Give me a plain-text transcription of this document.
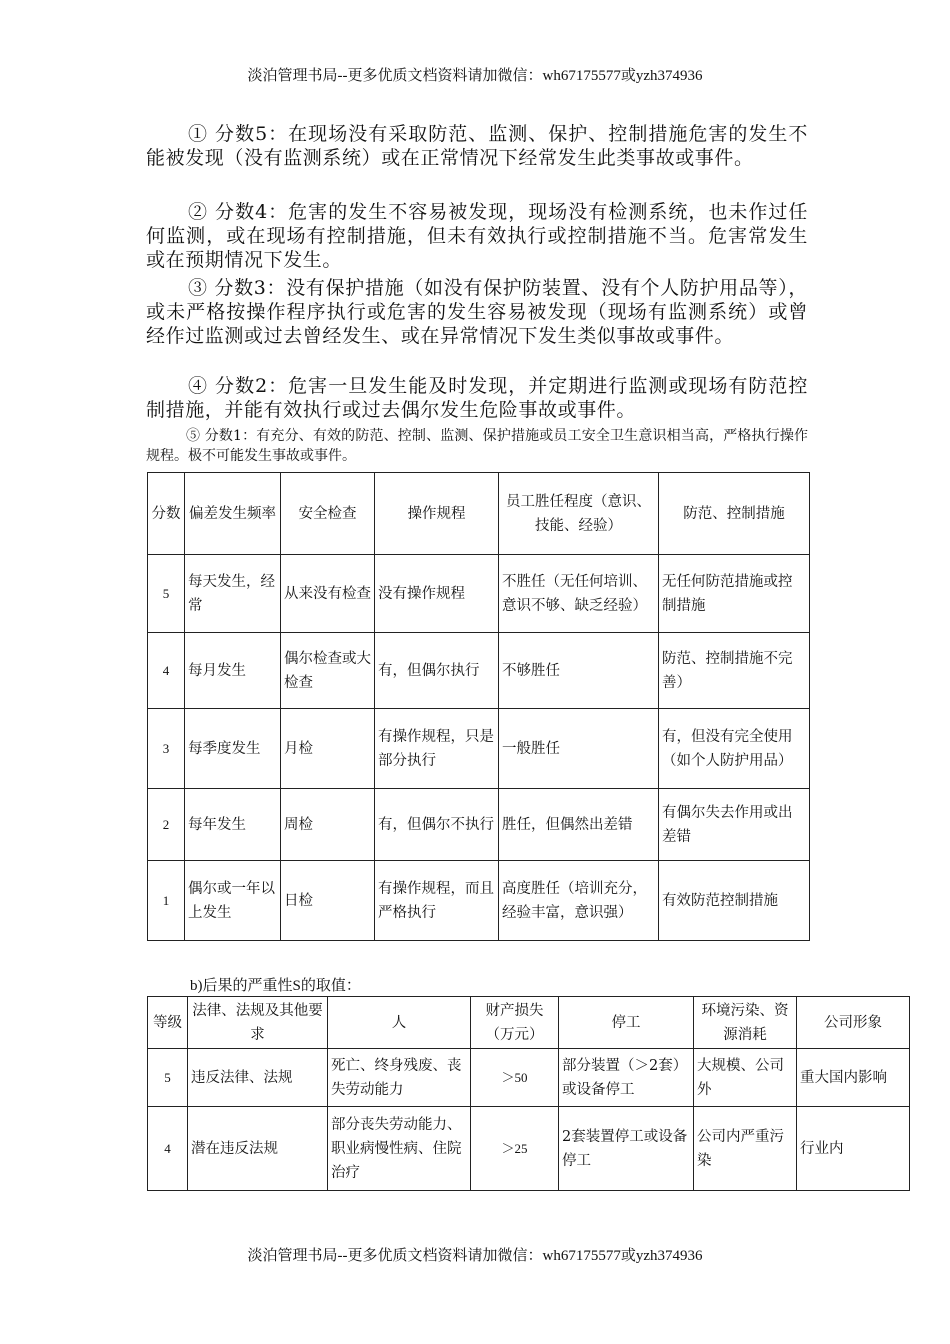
淡泊管理书局--更多优质文档资料请加微信：wh67175577或yzh374936

① 分数5：在现场没有采取防范、监测、保护、控制措施危害的发生不能被发现（没有监测系统）或在正常情况下经常发生此类事故或事件。

② 分数4：危害的发生不容易被发现，现场没有检测系统，也未作过任何监测，或在现场有控制措施，但未有效执行或控制措施不当。危害常发生或在预期情况下发生。

③ 分数3：没有保护措施（如没有保护防装置、没有个人防护用品等），或未严格按操作程序执行或危害的发生容易被发现（现场有监测系统）或曾经作过监测或过去曾经发生、或在异常情况下发生类似事故或事件。

④ 分数2：危害一旦发生能及时发现，并定期进行监测或现场有防范控制措施，并能有效执行或过去偶尔发生危险事故或事件。

⑤ 分数1：有充分、有效的防范、控制、监测、保护措施或员工安全卫生意识相当高，严格执行操作规程。极不可能发生事故或事件。

分数	偏差发生频率	安全检查	操作规程	员工胜任程度（意识、技能、经验）	防范、控制措施
5	每天发生，经常	从来没有检查	没有操作规程	不胜任（无任何培训、意识不够、缺乏经验）	无任何防范措施或控制措施
4	每月发生	偶尔检查或大检查	有，但偶尔执行	不够胜任	防范、控制措施不完善）
3	每季度发生	月检	有操作规程，只是部分执行	一般胜任	有，但没有完全使用（如个人防护用品）
2	每年发生	周检	有，但偶尔不执行	胜任，但偶然出差错	有偶尔失去作用或出差错
1	偶尔或一年以上发生	日检	有操作规程，而且严格执行	高度胜任（培训充分，经验丰富，意识强）	有效防范控制措施
b)后果的严重性S的取值：
等级	法律、法规及其他要求	人	财产损失（万元）	停工	环境污染、资源消耗	公司形象
5	违反法律、法规	死亡、终身残废、丧失劳动能力	＞50	部分装置（＞2套）或设备停工	大规模、公司外	重大国内影响
4	潜在违反法规	部分丧失劳动能力、职业病慢性病、住院治疗	＞25	2套装置停工或设备停工	公司内严重污染	行业内
淡泊管理书局--更多优质文档资料请加微信：wh67175577或yzh374936
